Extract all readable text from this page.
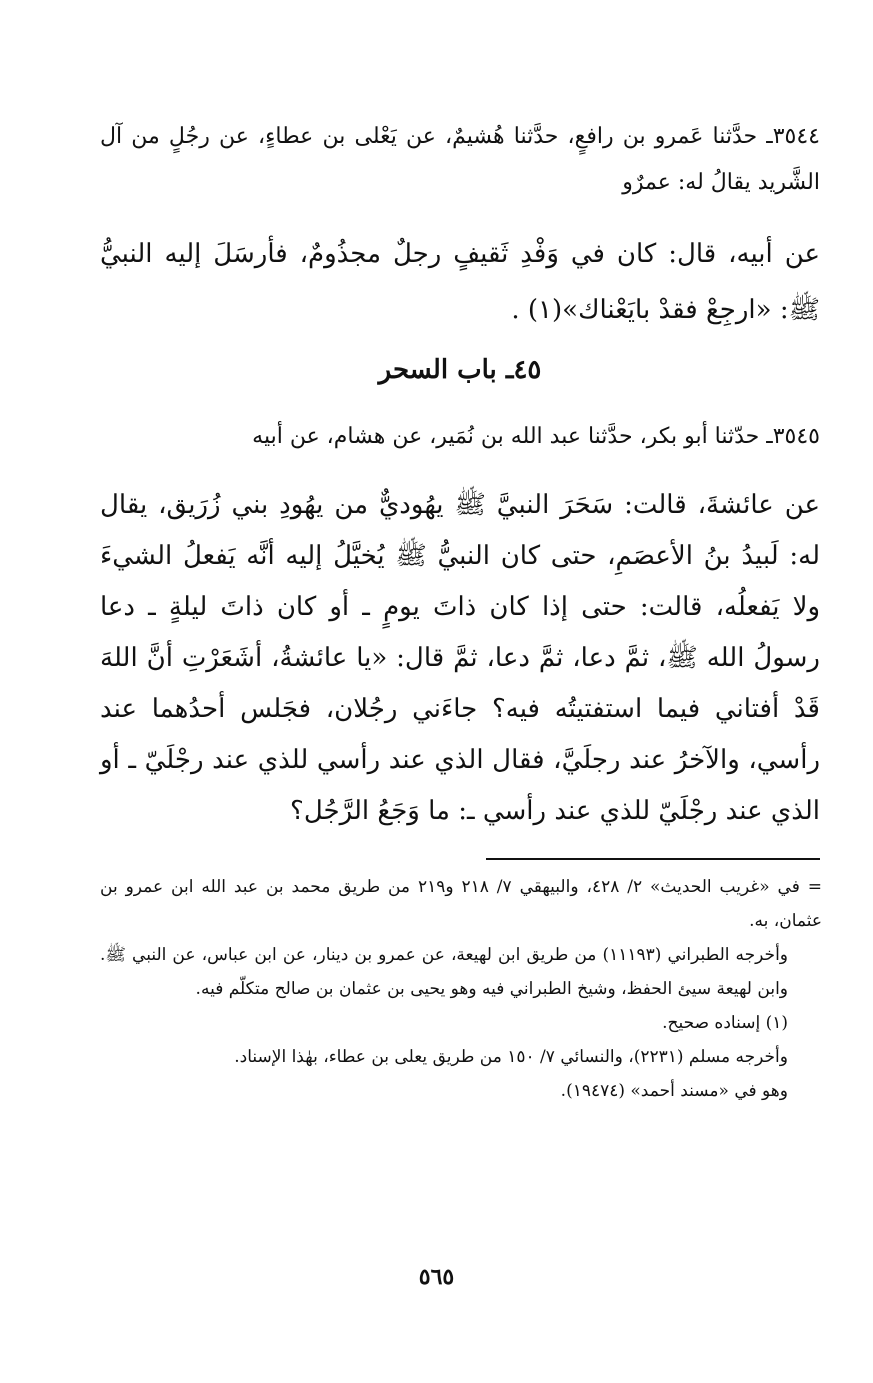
٣٥٤٤ـ حدَّثنا عَمرو بن رافعٍ، حدَّثنا هُشيمٌ، عن يَعْلى بن عطاءٍ، عن رجُلٍ من آل الشَّريد يقالُ له: عمرٌو

عن أبيه، قال: كان في وَفْدِ ثَقيفٍ رجلٌ مجذُومٌ، فأرسَلَ إليه النبيُّ ﷺ: «ارجِعْ فقدْ بايَعْناك»(١) .

٤٥ـ باب السحر

٣٥٤٥ـ حدّثنا أبو بكر، حدَّثنا عبد الله بن نُمَير، عن هشام، عن أبيه

عن عائشةَ، قالت: سَحَرَ النبيَّ ﷺ يهُوديٌّ من يهُودِ بني زُرَيق، يقال له: لَبيدُ بنُ الأعصَمِ، حتى كان النبيُّ ﷺ يُخيَّلُ إليه أنَّه يَفعلُ الشيءَ ولا يَفعلُه، قالت: حتى إذا كان ذاتَ يومٍ ـ أو كان ذاتَ ليلةٍ ـ دعا رسولُ الله ﷺ، ثمَّ دعا، ثمَّ دعا، ثمَّ قال: «يا عائشةُ، أشَعَرْتِ أنَّ اللهَ قَدْ أفتاني فيما استفتيتُه فيه؟ جاءَني رجُلان، فجَلس أحدُهما عند رأسي، والآخرُ عند رجلَيَّ، فقال الذي عند رأسي للذي عند رجْلَيّ ـ أو الذي عند رجْلَيّ للذي عند رأسي ـ: ما وَجَعُ الرَّجُل؟

= في «غريب الحديث» ٢/ ٤٢٨، والبيهقي ٧/ ٢١٨ و٢١٩ من طريق محمد بن عبد الله ابن عمرو بن عثمان، به.

وأخرجه الطبراني (١١١٩٣) من طريق ابن لهيعة، عن عمرو بن دينار، عن ابن عباس، عن النبي ﷺ. وابن لهيعة سيئ الحفظ، وشيخ الطبراني فيه وهو يحيى بن عثمان بن صالح متكلّم فيه.

(١) إسناده صحيح.

وأخرجه مسلم (٢٢٣١)، والنسائي ٧/ ١٥٠ من طريق يعلى بن عطاء، بهٰذا الإسناد.

وهو في «مسند أحمد» (١٩٤٧٤).

٥٦٥
